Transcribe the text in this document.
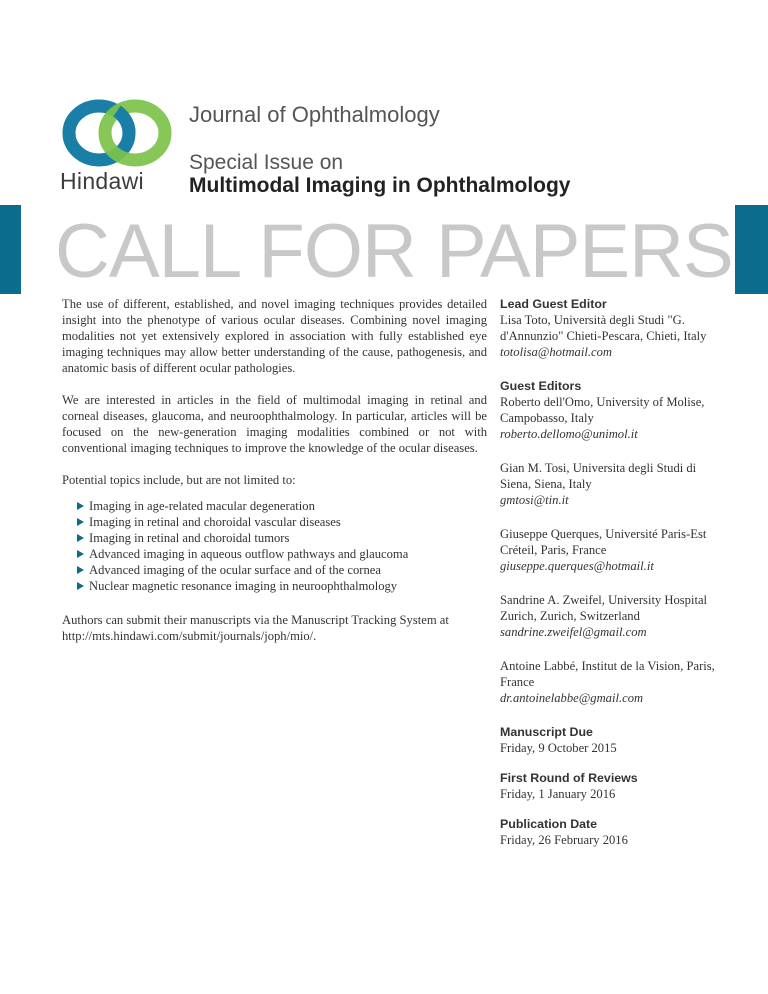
Hindawi
Journal of Ophthalmology
Special Issue on
Multimodal Imaging in Ophthalmology
CALL FOR PAPERS

The use of different, established, and novel imaging techniques provides detailed insight into the phenotype of various ocular diseases. Combining novel imaging modalities not yet extensively explored in association with fully established eye imaging techniques may allow better understanding of the cause, pathogenesis, and anatomic basis of different ocular pathologies.

We are interested in articles in the field of multimodal imaging in retinal and corneal diseases, glaucoma, and neuroophthalmology. In particular, articles will be focused on the new-generation imaging modalities combined or not with conventional imaging techniques to improve the knowledge of the ocular diseases.

Potential topics include, but are not limited to:

Imaging in age-related macular degeneration
Imaging in retinal and choroidal vascular diseases
Imaging in retinal and choroidal tumors
Advanced imaging in aqueous outflow pathways and glaucoma
Advanced imaging of the ocular surface and of the cornea
Nuclear magnetic resonance imaging in neuroophthalmology

Authors can submit their manuscripts via the Manuscript Tracking System at http://mts.hindawi.com/submit/journals/joph/mio/.

Lead Guest Editor
Lisa Toto, Università degli Studi "G. d'Annunzio" Chieti-Pescara, Chieti, Italy
totolisa@hotmail.com
Guest Editors
Roberto dell'Omo, University of Molise, Campobasso, Italy
roberto.dellomo@unimol.it
Gian M. Tosi, Universita degli Studi di Siena, Siena, Italy
gmtosi@tin.it
Giuseppe Querques, Université Paris-Est Créteil, Paris, France
giuseppe.querques@hotmail.it
Sandrine A. Zweifel, University Hospital Zurich, Zurich, Switzerland
sandrine.zweifel@gmail.com
Antoine Labbé, Institut de la Vision, Paris, France
dr.antoinelabbe@gmail.com
Manuscript Due
Friday, 9 October 2015
First Round of Reviews
Friday, 1 January 2016
Publication Date
Friday, 26 February 2016
